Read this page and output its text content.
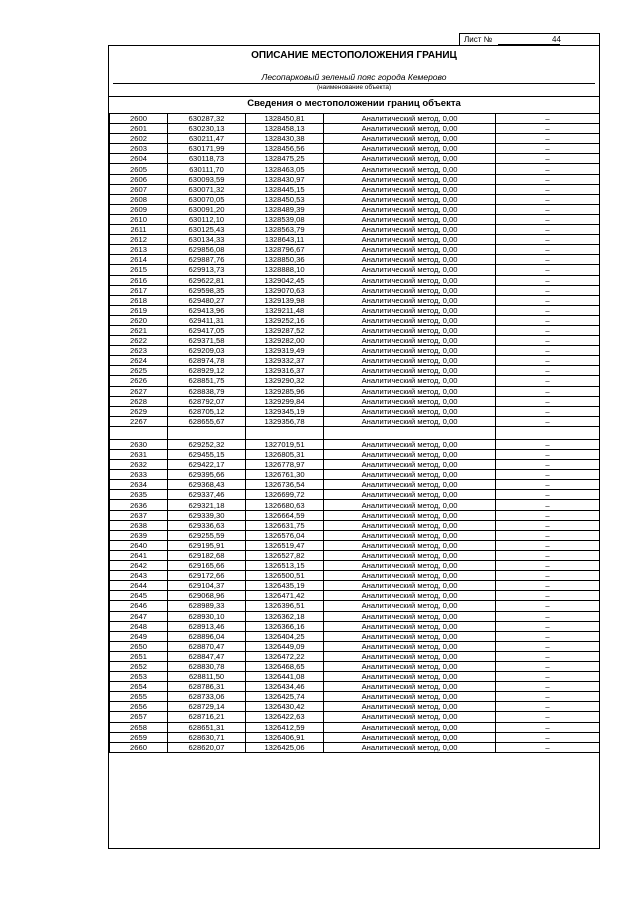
Лист №	44
ОПИСАНИЕ МЕСТОПОЛОЖЕНИЯ ГРАНИЦ
Лесопарковый зеленый пояс города Кемерово
(наименование объекта)
Сведения о местоположении границ объекта
2600	630287,32	1328450,81	Аналитический метод, 0,00	–
2601	630230,13	1328458,13	Аналитический метод, 0,00	–
2602	630211,47	1328430,38	Аналитический метод, 0,00	–
2603	630171,99	1328456,56	Аналитический метод, 0,00	–
2604	630118,73	1328475,25	Аналитический метод, 0,00	–
2605	630111,70	1328463,05	Аналитический метод, 0,00	–
2606	630093,59	1328430,97	Аналитический метод, 0,00	–
2607	630071,32	1328445,15	Аналитический метод, 0,00	–
2608	630070,05	1328450,53	Аналитический метод, 0,00	–
2609	630091,20	1328489,39	Аналитический метод, 0,00	–
2610	630112,10	1328539,08	Аналитический метод, 0,00	–
2611	630125,43	1328563,79	Аналитический метод, 0,00	–
2612	630134,33	1328643,11	Аналитический метод, 0,00	–
2613	629856,08	1328796,67	Аналитический метод, 0,00	–
2614	629887,76	1328850,36	Аналитический метод, 0,00	–
2615	629913,73	1328888,10	Аналитический метод, 0,00	–
2616	629622,81	1329042,45	Аналитический метод, 0,00	–
2617	629598,35	1329070,63	Аналитический метод, 0,00	–
2618	629480,27	1329139,98	Аналитический метод, 0,00	–
2619	629413,96	1329211,48	Аналитический метод, 0,00	–
2620	629411,31	1329252,16	Аналитический метод, 0,00	–
2621	629417,05	1329287,52	Аналитический метод, 0,00	–
2622	629371,58	1329282,00	Аналитический метод, 0,00	–
2623	629209,03	1329319,49	Аналитический метод, 0,00	–
2624	628974,78	1329332,37	Аналитический метод, 0,00	–
2625	628929,12	1329316,37	Аналитический метод, 0,00	–
2626	628851,75	1329290,32	Аналитический метод, 0,00	–
2627	628838,79	1329285,96	Аналитический метод, 0,00	–
2628	628792,07	1329299,84	Аналитический метод, 0,00	–
2629	628705,12	1329345,19	Аналитический метод, 0,00	–
2267	628655,67	1329356,78	Аналитический метод, 0,00	–

2630	629252,32	1327019,51	Аналитический метод, 0,00	–
2631	629455,15	1326805,31	Аналитический метод, 0,00	–
2632	629422,17	1326778,97	Аналитический метод, 0,00	–
2633	629395,66	1326761,30	Аналитический метод, 0,00	–
2634	629368,43	1326736,54	Аналитический метод, 0,00	–
2635	629337,46	1326699,72	Аналитический метод, 0,00	–
2636	629321,18	1326680,63	Аналитический метод, 0,00	–
2637	629339,30	1326664,59	Аналитический метод, 0,00	–
2638	629336,63	1326631,75	Аналитический метод, 0,00	–
2639	629255,59	1326576,04	Аналитический метод, 0,00	–
2640	629195,91	1326519,47	Аналитический метод, 0,00	–
2641	629182,68	1326527,82	Аналитический метод, 0,00	–
2642	629165,66	1326513,15	Аналитический метод, 0,00	–
2643	629172,66	1326500,51	Аналитический метод, 0,00	–
2644	629104,37	1326435,19	Аналитический метод, 0,00	–
2645	629068,96	1326471,42	Аналитический метод, 0,00	–
2646	628989,33	1326396,51	Аналитический метод, 0,00	–
2647	628930,10	1326362,18	Аналитический метод, 0,00	–
2648	628913,46	1326366,16	Аналитический метод, 0,00	–
2649	628896,04	1326404,25	Аналитический метод, 0,00	–
2650	628870,47	1326449,09	Аналитический метод, 0,00	–
2651	628847,47	1326472,22	Аналитический метод, 0,00	–
2652	628830,78	1326468,65	Аналитический метод, 0,00	–
2653	628811,50	1326441,08	Аналитический метод, 0,00	–
2654	628786,31	1326434,46	Аналитический метод, 0,00	–
2655	628733,06	1326425,74	Аналитический метод, 0,00	–
2656	628729,14	1326430,42	Аналитический метод, 0,00	–
2657	628716,21	1326422,63	Аналитический метод, 0,00	–
2658	628651,31	1326412,59	Аналитический метод, 0,00	–
2659	628630,71	1326406,91	Аналитический метод, 0,00	–
2660	628620,07	1326425,06	Аналитический метод, 0,00	–
